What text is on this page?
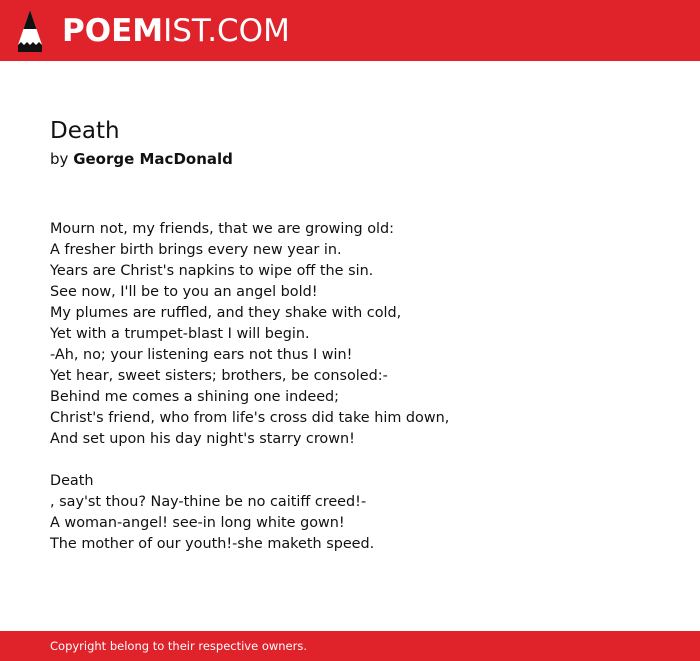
POEMIST.COM
Death
by George MacDonald
Mourn not, my friends, that we are growing old:
A fresher birth brings every new year in.
Years are Christ's napkins to wipe off the sin.
See now, I'll be to you an angel bold!
My plumes are ruffled, and they shake with cold,
Yet with a trumpet-blast I will begin.
-Ah, no; your listening ears not thus I win!
Yet hear, sweet sisters; brothers, be consoled:-
Behind me comes a shining one indeed;
Christ's friend, who from life's cross did take him down,
And set upon his day night's starry crown!
Death
, say'st thou? Nay-thine be no caitiff creed!-
A woman-angel! see-in long white gown!
The mother of our youth!-she maketh speed.
Copyright belong to their respective owners.
